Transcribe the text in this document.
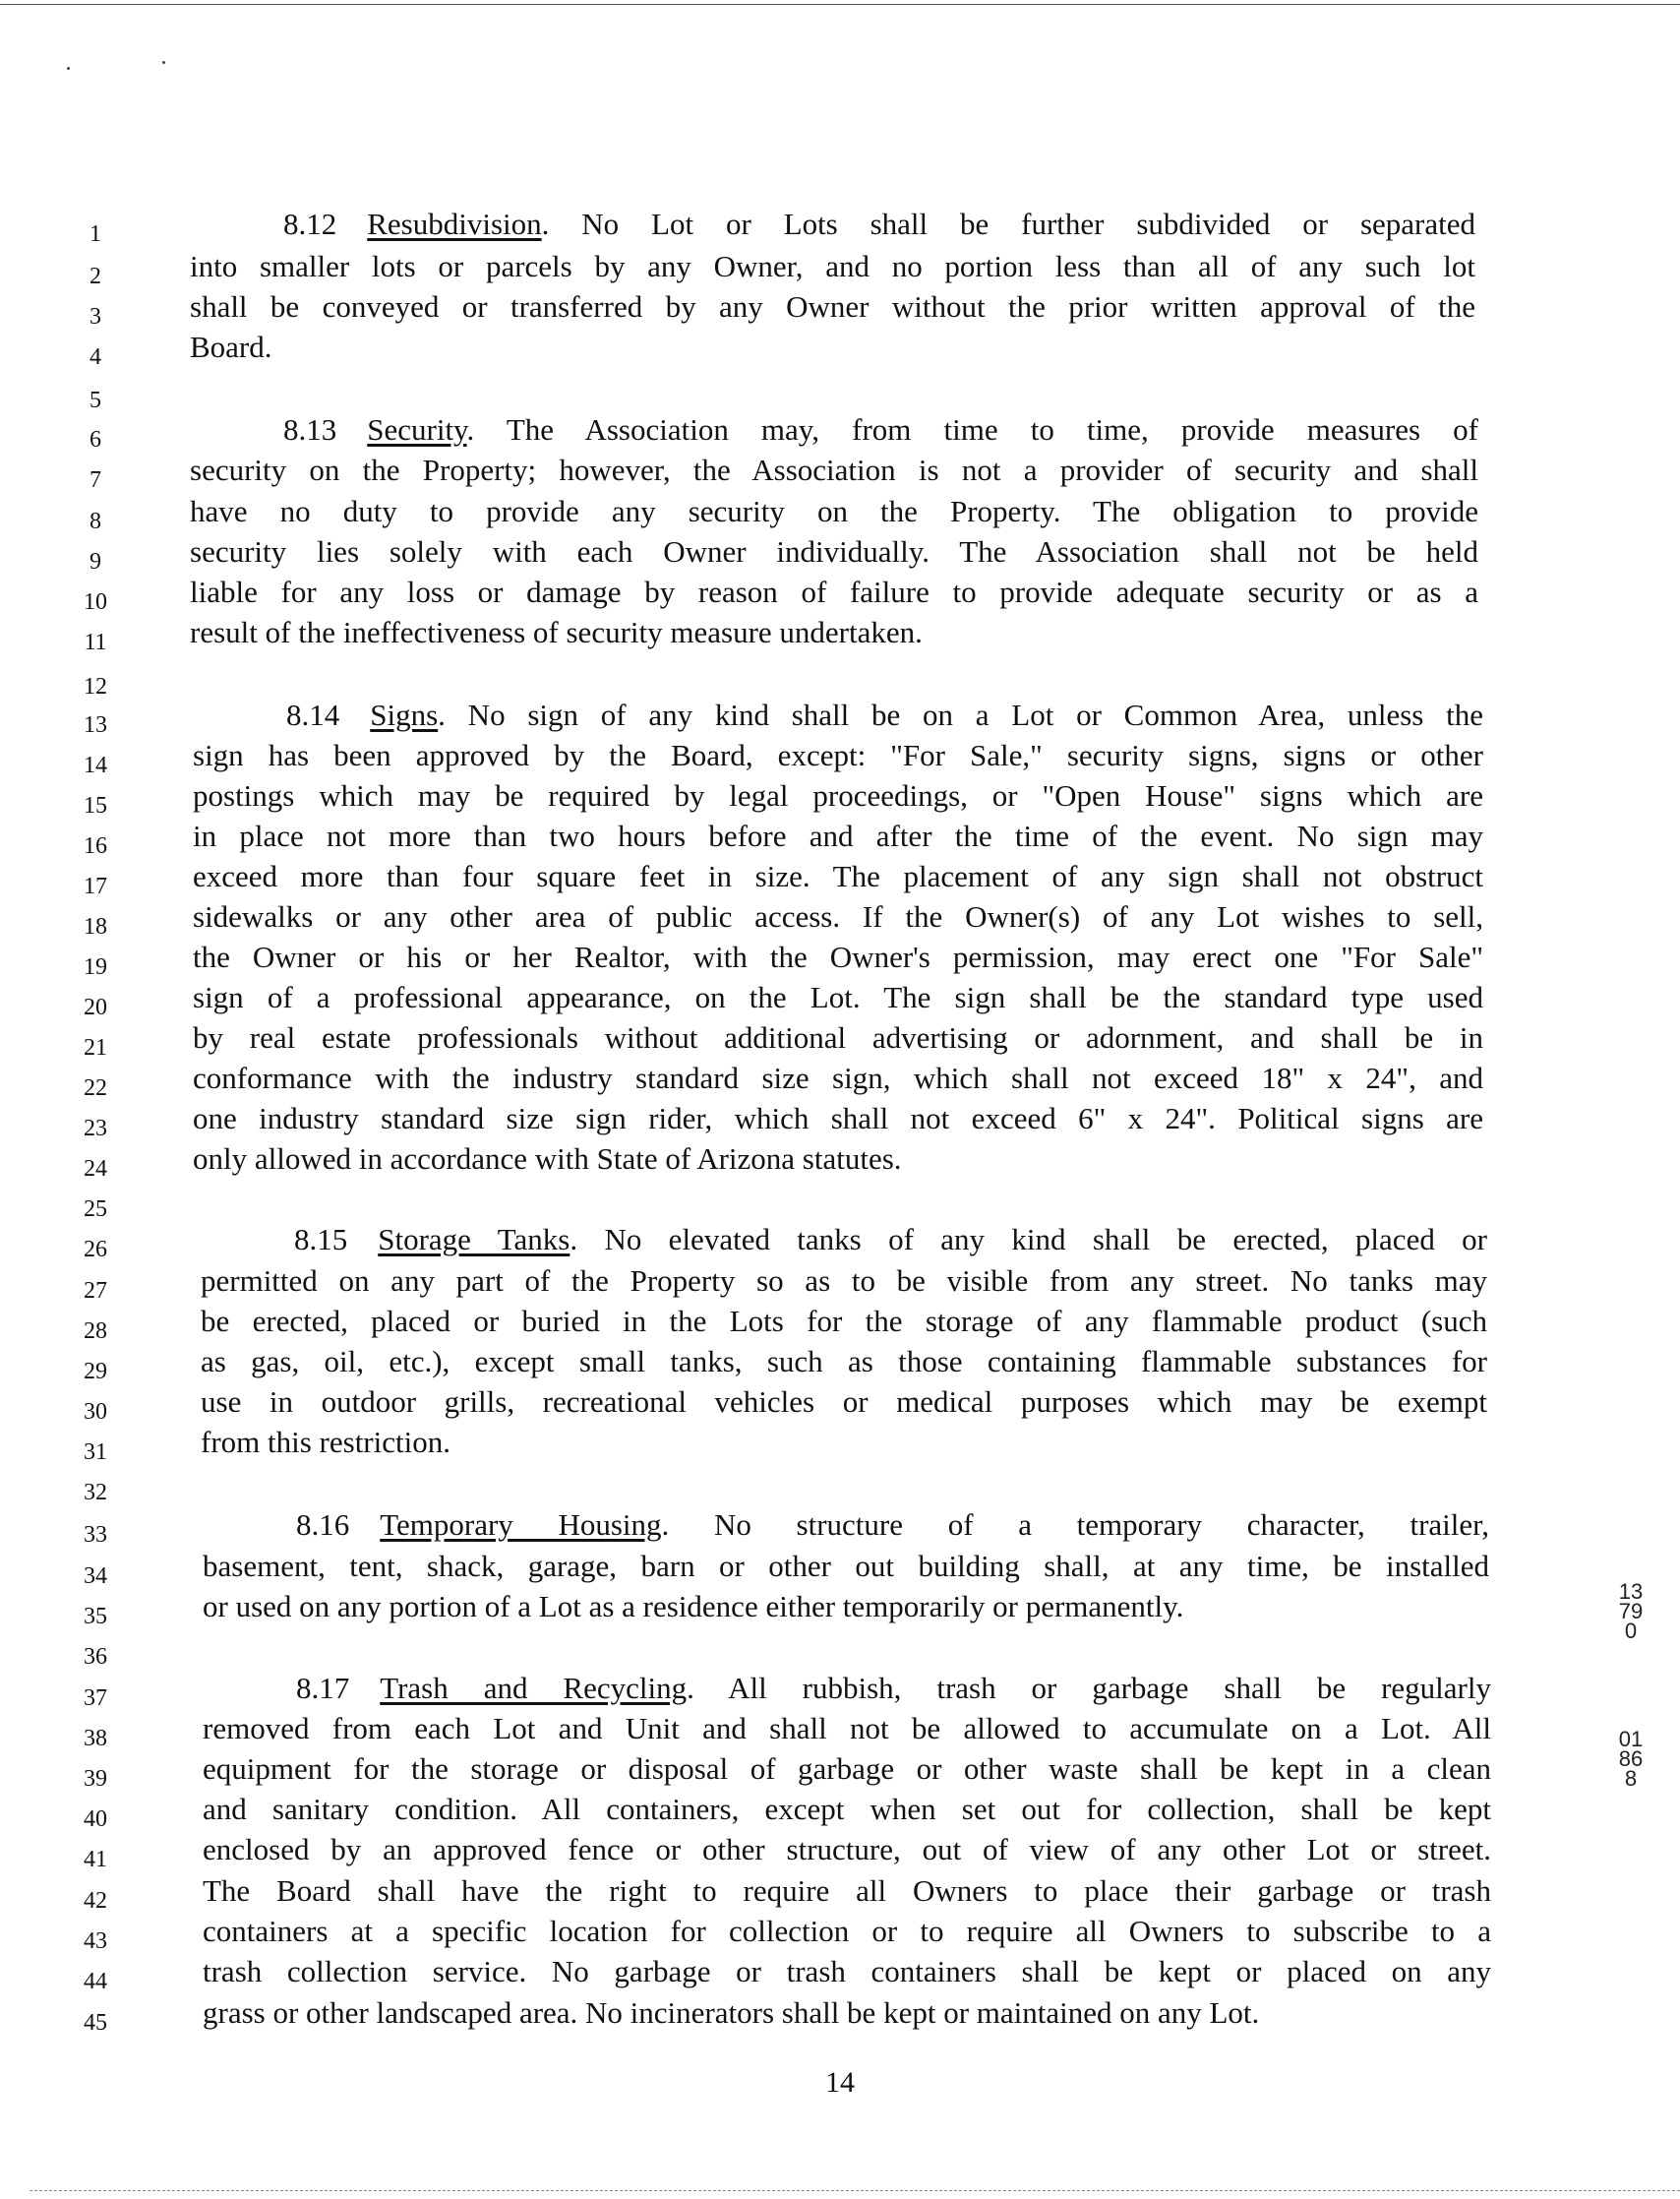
1
2
3
4
5
6
7
8
9
10
11
12
13
14
15
16
17
18
19
20
21
22
23
24
25
26
27
28
29
30
31
32
33
34
35
36
37
38
39
40
41
42
43
44
45
8.12  Resubdivision. No Lot or Lots shall be further subdivided or separated
into smaller lots or parcels by any Owner, and no portion less than all of any such lot
shall be conveyed or transferred by any Owner without the prior written approval of the
Board.
8.13  Security. The Association may, from time to time, provide measures of
security on the Property; however, the Association is not a provider of security and shall
have no duty to provide any security on the Property. The obligation to provide
security lies solely with each Owner individually. The Association shall not be held
liable for any loss or damage by reason of failure to provide adequate security or as a
result of the ineffectiveness of security measure undertaken.
8.14  Signs. No sign of any kind shall be on a Lot or Common Area, unless the
sign has been approved by the Board, except: "For Sale," security signs, signs or other
postings which may be required by legal proceedings, or "Open House" signs which are
in place not more than two hours before and after the time of the event. No sign may
exceed more than four square feet in size. The placement of any sign shall not obstruct
sidewalks or any other area of public access. If the Owner(s) of any Lot wishes to sell,
the Owner or his or her Realtor, with the Owner's permission, may erect one "For Sale"
sign of a professional appearance, on the Lot. The sign shall be the standard type used
by real estate professionals without additional advertising or adornment, and shall be in
conformance with the industry standard size sign, which shall not exceed 18" x 24", and
one industry standard size sign rider, which shall not exceed 6" x 24". Political signs are
only allowed in accordance with State of Arizona statutes.
8.15  Storage Tanks. No elevated tanks of any kind shall be erected, placed or
permitted on any part of the Property so as to be visible from any street. No tanks may
be erected, placed or buried in the Lots for the storage of any flammable product (such
as gas, oil, etc.), except small tanks, such as those containing flammable substances for
use in outdoor grills, recreational vehicles or medical purposes which may be exempt
from this restriction.
8.16  Temporary Housing. No structure of a temporary character, trailer,
basement, tent, shack, garage, barn or other out building shall, at any time, be installed
or used on any portion of a Lot as a residence either temporarily or permanently.
8.17  Trash and Recycling. All rubbish, trash or garbage shall be regularly
removed from each Lot and Unit and shall not be allowed to accumulate on a Lot. All
equipment for the storage or disposal of garbage or other waste shall be kept in a clean
and sanitary condition. All containers, except when set out for collection, shall be kept
enclosed by an approved fence or other structure, out of view of any other Lot or street.
The Board shall have the right to require all Owners to place their garbage or trash
containers at a specific location for collection or to require all Owners to subscribe to a
trash collection service. No garbage or trash containers shall be kept or placed on any
grass or other landscaped area. No incinerators shall be kept or maintained on any Lot.
14
13790
01868
